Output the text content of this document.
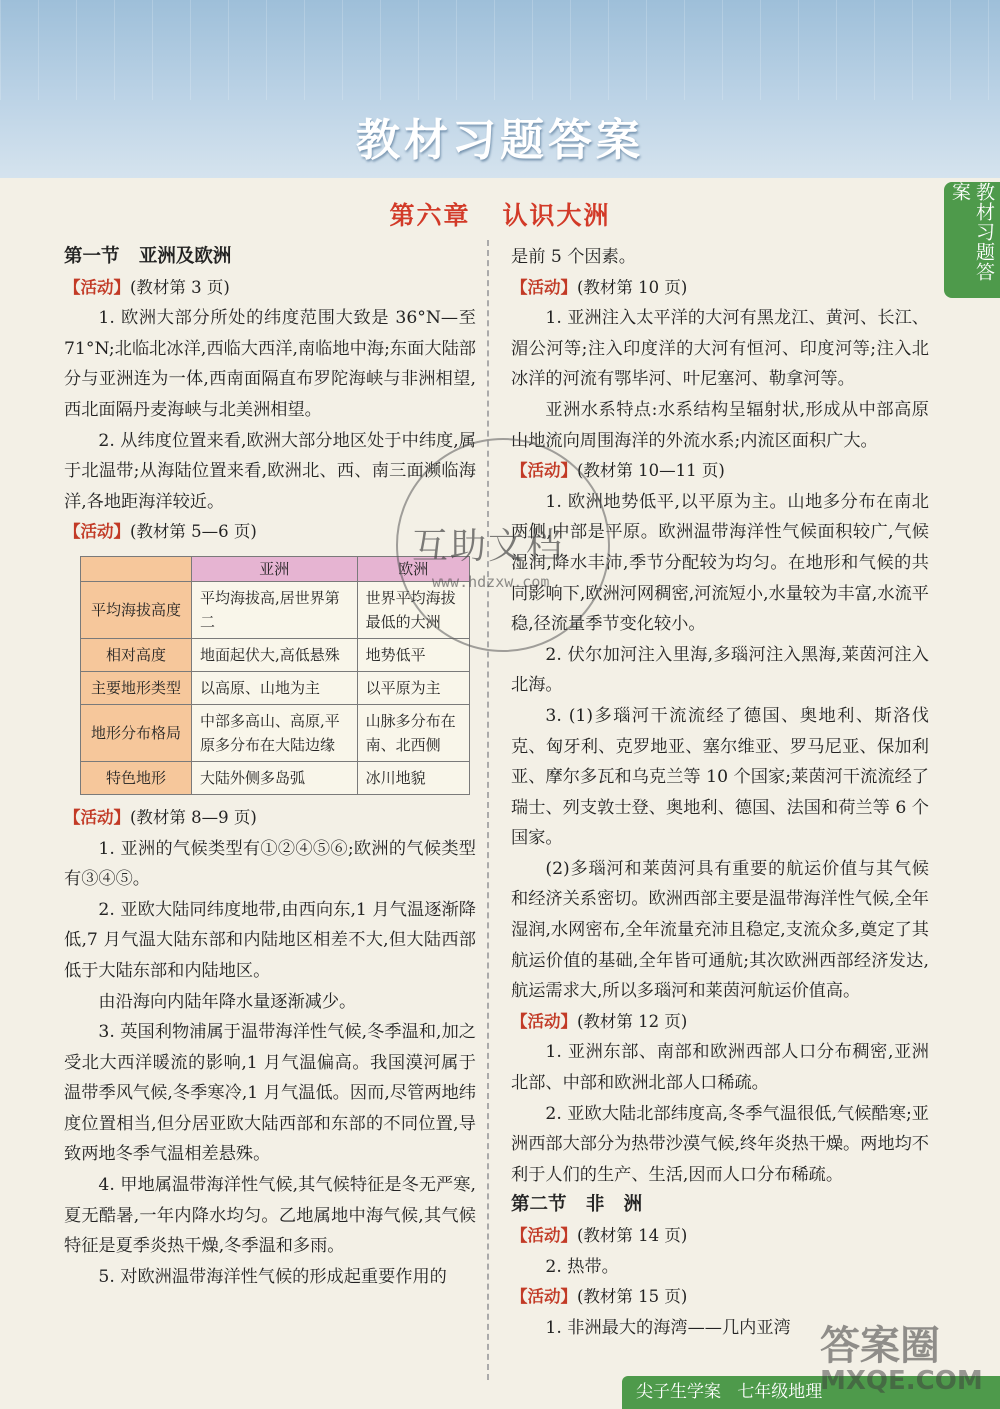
教材习题答案
教材习题答案
第六章   认识大洲

第一节   亚洲及欧洲

【活动】(教材第 3 页)

1. 欧洲大部分所处的纬度范围大致是 36°N—至 71°N;北临北冰洋,西临大西洋,南临地中海;东面大陆部分与亚洲连为一体,西南面隔直布罗陀海峡与非洲相望,西北面隔丹麦海峡与北美洲相望。

2. 从纬度位置来看,欧洲大部分地区处于中纬度,属于北温带;从海陆位置来看,欧洲北、西、南三面濒临海洋,各地距海洋较近。

【活动】(教材第 5—6 页)

	亚洲	欧洲
平均海拔高度	平均海拔高,居世界第二	世界平均海拔最低的大洲
相对高度	地面起伏大,高低悬殊	地势低平
主要地形类型	以高原、山地为主	以平原为主
地形分布格局	中部多高山、高原,平原多分布在大陆边缘	山脉多分布在南、北西侧
特色地形	大陆外侧多岛弧	冰川地貌

【活动】(教材第 8—9 页)

1. 亚洲的气候类型有①②④⑤⑥;欧洲的气候类型有③④⑤。

2. 亚欧大陆同纬度地带,由西向东,1 月气温逐渐降低,7 月气温大陆东部和内陆地区相差不大,但大陆西部低于大陆东部和内陆地区。

由沿海向内陆年降水量逐渐减少。

3. 英国利物浦属于温带海洋性气候,冬季温和,加之受北大西洋暖流的影响,1 月气温偏高。我国漠河属于温带季风气候,冬季寒冷,1 月气温低。因而,尽管两地纬度位置相当,但分居亚欧大陆西部和东部的不同位置,导致两地冬季气温相差悬殊。

4. 甲地属温带海洋性气候,其气候特征是冬无严寒,夏无酷暑,一年内降水均匀。乙地属地中海气候,其气候特征是夏季炎热干燥,冬季温和多雨。

5. 对欧洲温带海洋性气候的形成起重要作用的

是前 5 个因素。

【活动】(教材第 10 页)

1. 亚洲注入太平洋的大河有黑龙江、黄河、长江、湄公河等;注入印度洋的大河有恒河、印度河等;注入北冰洋的河流有鄂毕河、叶尼塞河、勒拿河等。

亚洲水系特点:水系结构呈辐射状,形成从中部高原山地流向周围海洋的外流水系;内流区面积广大。

【活动】(教材第 10—11 页)

1. 欧洲地势低平,以平原为主。山地多分布在南北两侧,中部是平原。欧洲温带海洋性气候面积较广,气候湿润,降水丰沛,季节分配较为均匀。在地形和气候的共同影响下,欧洲河网稠密,河流短小,水量较为丰富,水流平稳,径流量季节变化较小。

2. 伏尔加河注入里海,多瑙河注入黑海,莱茵河注入北海。

3. (1)多瑙河干流流经了德国、奥地利、斯洛伐克、匈牙利、克罗地亚、塞尔维亚、罗马尼亚、保加利亚、摩尔多瓦和乌克兰等 10 个国家;莱茵河干流流经了瑞士、列支敦士登、奥地利、德国、法国和荷兰等 6 个国家。

(2)多瑙河和莱茵河具有重要的航运价值与其气候和经济关系密切。欧洲西部主要是温带海洋性气候,全年湿润,水网密布,全年流量充沛且稳定,支流众多,奠定了其航运价值的基础,全年皆可通航;其次欧洲西部经济发达,航运需求大,所以多瑙河和莱茵河航运价值高。

【活动】(教材第 12 页)

1. 亚洲东部、南部和欧洲西部人口分布稠密,亚洲北部、中部和欧洲北部人口稀疏。

2. 亚欧大陆北部纬度高,冬季气温很低,气候酷寒;亚洲西部大部分为热带沙漠气候,终年炎热干燥。两地均不利于人们的生产、生活,因而人口分布稀疏。

第二节   非   洲

【活动】(教材第 14 页)

2. 热带。

【活动】(教材第 15 页)

1. 非洲最大的海湾——几内亚湾

互助文档
www.hdzxw.com
尖子生学案   七年级地理
答案圈
MXQE.COM
